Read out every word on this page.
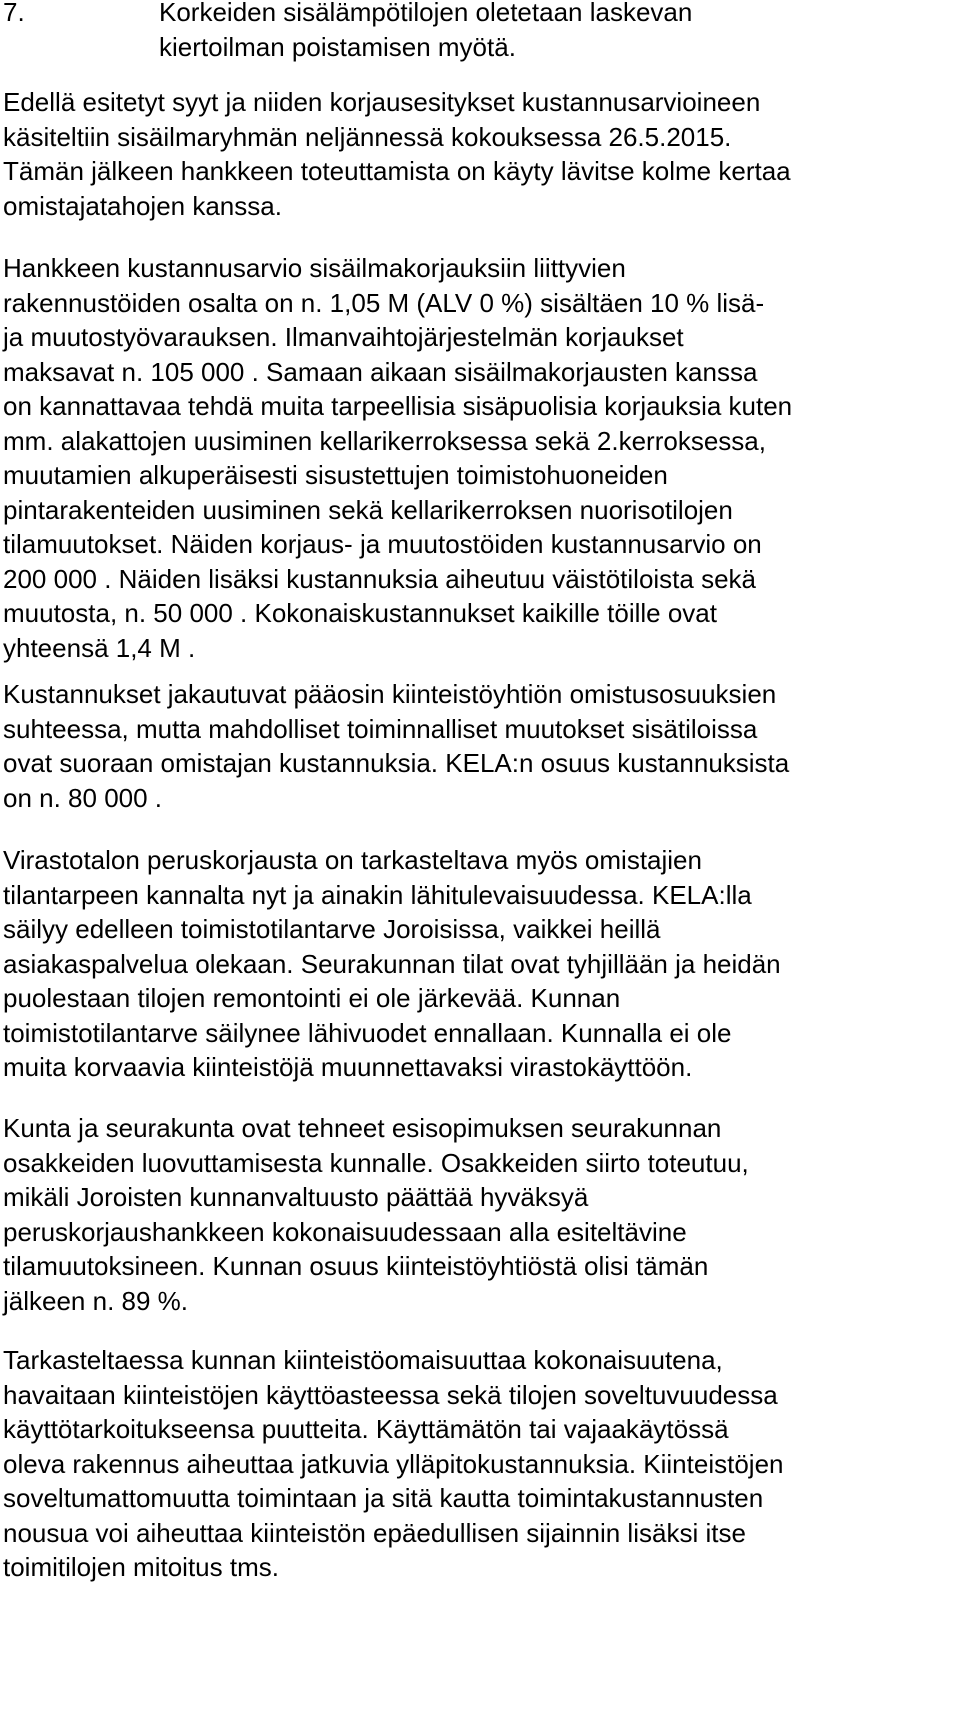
7.	Korkeiden sisälämpötilojen oletetaan laskevan
kiertoilman poistamisen myötä.
Edellä esitetyt syyt ja niiden korjausesitykset kustannusarvioineen
käsiteltiin sisäilmaryhmän neljännessä kokouksessa 26.5.2015.
Tämän jälkeen hankkeen toteuttamista on käyty lävitse kolme kertaa
omistajatahojen kanssa.
Hankkeen kustannusarvio sisäilmakorjauksiin liittyvien
rakennustöiden osalta on n. 1,05 M (ALV 0 %) sisältäen 10 % lisä-
ja muutostyövarauksen. Ilmanvaihtojärjestelmän korjaukset
maksavat n. 105 000 . Samaan aikaan sisäilmakorjausten kanssa
on kannattavaa tehdä muita tarpeellisia sisäpuolisia korjauksia kuten
mm. alakattojen uusiminen kellarikerroksessa sekä 2.kerroksessa,
muutamien alkuperäisesti sisustettujen toimistohuoneiden
pintarakenteiden uusiminen sekä kellarikerroksen nuorisotilojen
tilamuutokset. Näiden korjaus- ja muutostöiden kustannusarvio on
200 000 . Näiden lisäksi kustannuksia aiheutuu väistötiloista sekä
muutosta, n. 50 000 . Kokonaiskustannukset kaikille töille ovat
yhteensä 1,4 M .
Kustannukset jakautuvat pääosin kiinteistöyhtiön omistusosuuksien
suhteessa, mutta mahdolliset toiminnalliset muutokset sisätiloissa
ovat suoraan omistajan kustannuksia. KELA:n osuus kustannuksista
on n. 80 000 .
Virastotalon peruskorjausta on tarkasteltava myös omistajien
tilantarpeen kannalta nyt ja ainakin lähitulevaisuudessa. KELA:lla
säilyy edelleen toimistotilantarve Joroisissa, vaikkei heillä
asiakaspalvelua olekaan. Seurakunnan tilat ovat tyhjillään ja heidän
puolestaan tilojen remontointi ei ole järkevää. Kunnan
toimistotilantarve säilynee lähivuodet ennallaan. Kunnalla ei ole
muita korvaavia kiinteistöjä muunnettavaksi virastokäyttöön.
Kunta ja seurakunta ovat tehneet esisopimuksen seurakunnan
osakkeiden luovuttamisesta kunnalle. Osakkeiden siirto toteutuu,
mikäli Joroisten kunnanvaltuusto päättää hyväksyä
peruskorjaushankkeen kokonaisuudessaan alla esiteltävine
tilamuutoksineen. Kunnan osuus kiinteistöyhtiöstä olisi tämän
jälkeen n. 89 %.
Tarkasteltaessa kunnan kiinteistöomaisuuttaa kokonaisuutena,
havaitaan kiinteistöjen käyttöasteessa sekä tilojen soveltuvuudessa
käyttötarkoitukseensa puutteita. Käyttämätön tai vajaakäytössä
oleva rakennus aiheuttaa jatkuvia ylläpitokustannuksia. Kiinteistöjen
soveltumattomuutta toimintaan ja sitä kautta toimintakustannusten
nousua voi aiheuttaa kiinteistön epäedullisen sijainnin lisäksi itse
toimitilojen mitoitus tms.
